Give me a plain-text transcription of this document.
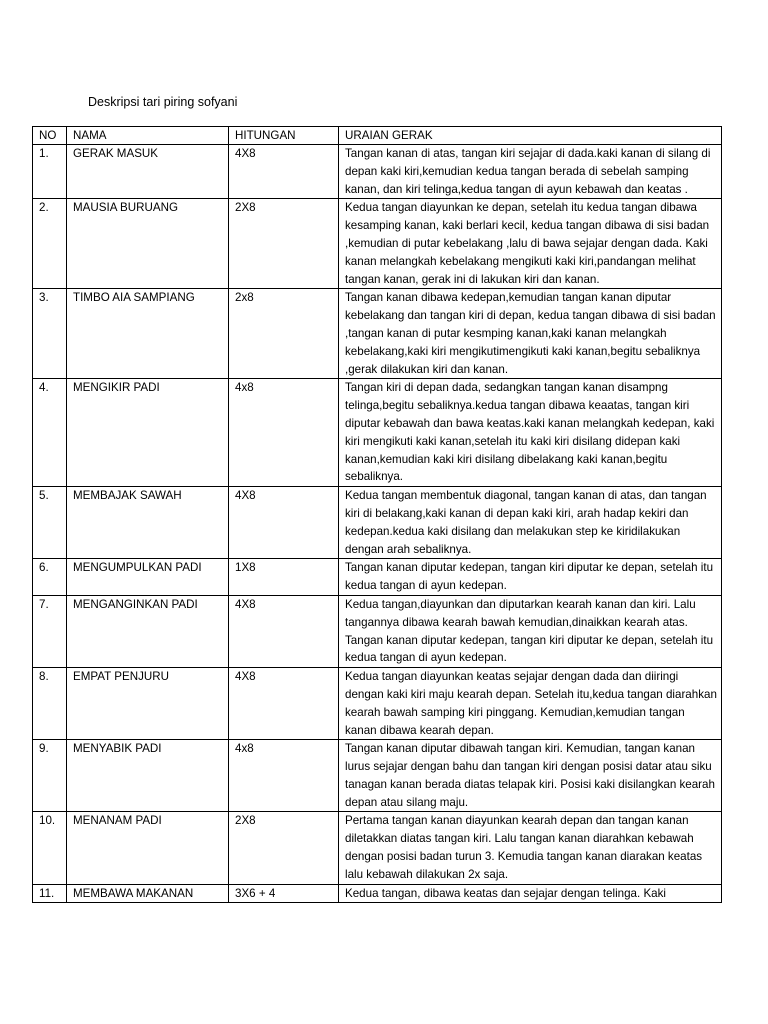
Deskripsi tari piring sofyani
NO	NAMA	HITUNGAN	URAIAN GERAK
1.	GERAK MASUK	4X8	Tangan kanan di atas, tangan kiri sejajar di dada.kaki kanan di silang di depan kaki kiri,kemudian kedua tangan berada di sebelah samping kanan, dan kiri telinga,kedua tangan di ayun kebawah dan keatas .
2.	MAUSIA BURUANG	2X8	Kedua tangan diayunkan ke depan, setelah itu kedua tangan dibawa kesamping kanan, kaki berlari kecil, kedua tangan dibawa di sisi badan ,kemudian di putar kebelakang ,lalu di bawa sejajar dengan dada. Kaki kanan melangkah kebelakang mengikuti kaki kiri,pandangan melihat tangan kanan, gerak ini di lakukan kiri dan kanan.
3.	TIMBO AIA SAMPIANG	2x8	Tangan kanan dibawa kedepan,kemudian tangan kanan diputar kebelakang dan tangan kiri di depan, kedua tangan dibawa di sisi badan ,tangan kanan di putar kesmping kanan,kaki kanan melangkah kebelakang,kaki kiri mengikutimengikuti kaki kanan,begitu sebaliknya ,gerak dilakukan kiri dan kanan.
4.	MENGIKIR PADI	4x8	Tangan kiri di depan dada, sedangkan tangan kanan disampng telinga,begitu sebaliknya.kedua tangan dibawa keaatas, tangan kiri diputar kebawah dan bawa keatas.kaki kanan melangkah kedepan, kaki kiri mengikuti kaki kanan,setelah itu kaki kiri disilang didepan kaki kanan,kemudian kaki kiri disilang dibelakang kaki kanan,begitu sebaliknya.
5.	MEMBAJAK SAWAH	4X8	Kedua tangan membentuk diagonal, tangan kanan di atas, dan tangan kiri di belakang,kaki kanan di depan kaki kiri, arah hadap kekiri dan kedepan.kedua kaki disilang dan melakukan step ke kiridilakukan dengan arah sebaliknya.
6.	MENGUMPULKAN PADI	1X8	Tangan kanan diputar kedepan, tangan kiri diputar ke depan, setelah itu kedua tangan di ayun kedepan.
7.	MENGANGINKAN PADI	4X8	Kedua tangan,diayunkan dan diputarkan kearah kanan dan kiri. Lalu tangannya dibawa kearah bawah kemudian,dinaikkan kearah atas. Tangan kanan diputar kedepan, tangan kiri diputar ke depan, setelah itu kedua tangan di ayun kedepan.
8.	EMPAT PENJURU	4X8	Kedua tangan diayunkan keatas sejajar dengan dada dan diiringi dengan kaki kiri maju kearah depan. Setelah itu,kedua tangan diarahkan kearah bawah samping kiri pinggang. Kemudian,kemudian tangan kanan dibawa kearah depan.
9.	MENYABIK PADI	4x8	Tangan kanan diputar dibawah tangan kiri. Kemudian, tangan kanan lurus sejajar dengan bahu dan tangan kiri dengan posisi datar atau siku tanagan kanan berada diatas telapak kiri. Posisi kaki disilangkan kearah depan atau silang maju.
10.	MENANAM PADI	2X8	Pertama tangan kanan diayunkan kearah depan dan tangan kanan diletakkan diatas tangan kiri. Lalu tangan kanan diarahkan kebawah dengan posisi badan turun 3. Kemudia tangan kanan diarakan keatas lalu kebawah dilakukan 2x saja.
11.	MEMBAWA MAKANAN	3X6 + 4	Kedua tangan, dibawa keatas dan sejajar dengan telinga. Kaki
